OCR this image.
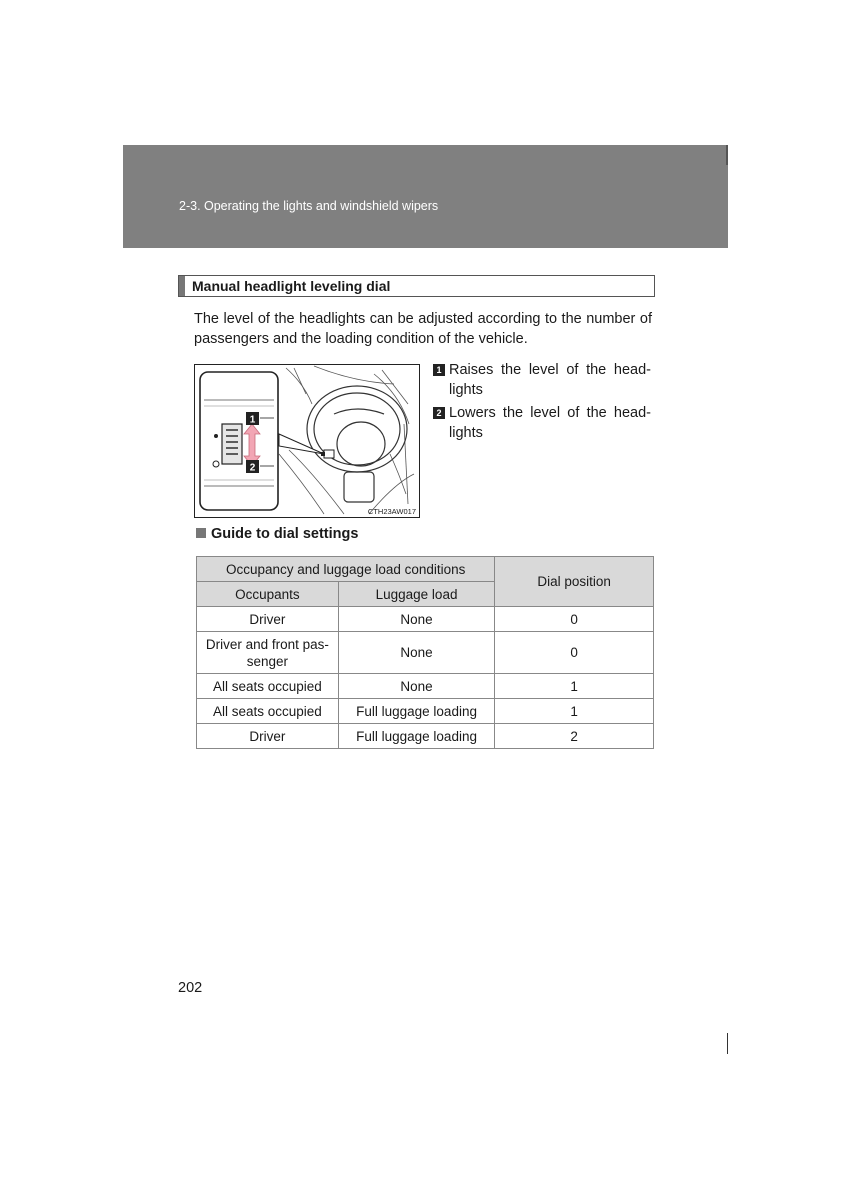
2-3. Operating the lights and windshield wipers
Manual headlight leveling dial
The level of the headlights can be adjusted according to the number of passengers and the loading condition of the vehicle.
1
2
CTH23AW017
1 Raises the level of the head-lights
2 Lowers the level of the head-lights
Guide to dial settings
Occupancy and luggage load conditions		Dial position
Occupants	Luggage load	
Driver	None	0
Driver and front pas-senger	None	0
All seats occupied	None	1
All seats occupied	Full luggage loading	1
Driver	Full luggage loading	2
202
